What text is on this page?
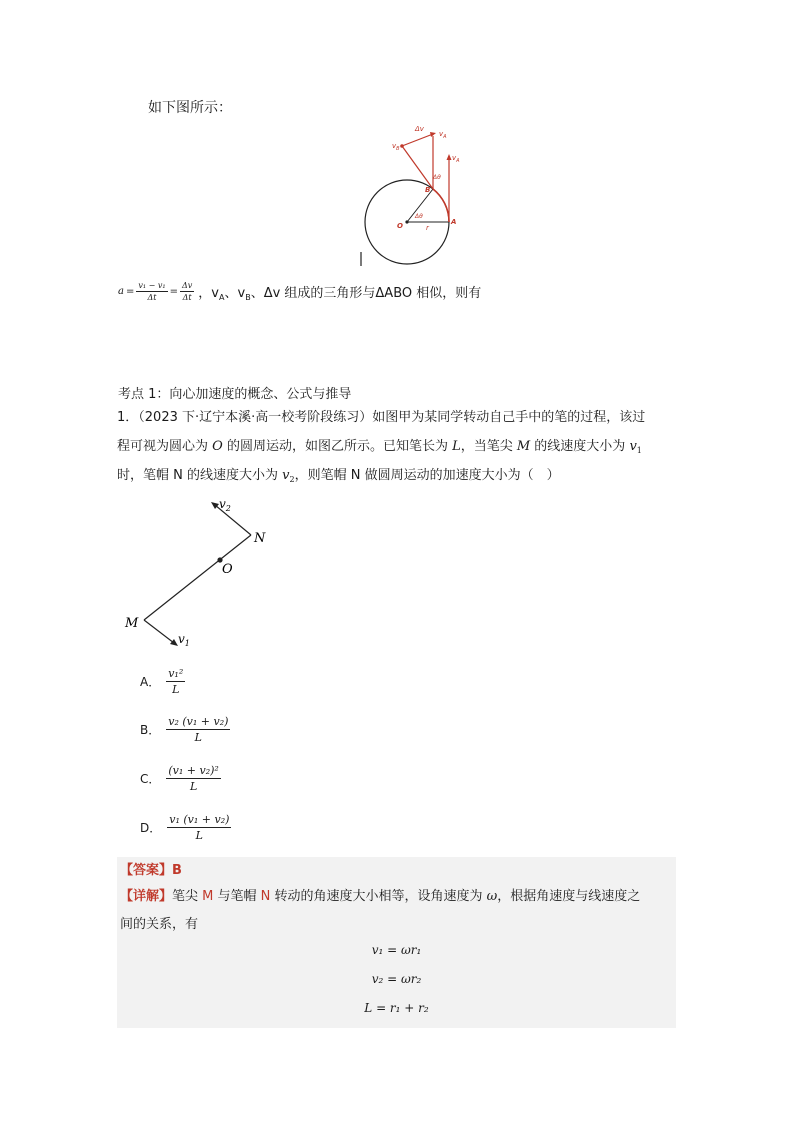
如下图所示：
Δv
$v_A$
$v_B$
$v_A$
Δθ
B
O	A
Δθ
r
$a = \frac{\text{v₁ − v₁}}{\Delta t} = \frac{\Delta v}{\Delta t}$ ，$v_A$、$v_B$、Δv 组成的三角形与ΔABO 相似，则有
考点 1：向心加速度的概念、公式与推导
1．（2023 下·辽宁本溪·高一校考阶段练习）如图甲为某同学转动自己手中的笔的过程，该过
程可视为圆心为 O 的圆周运动，如图乙所示。已知笔长为 L，当笔尖 M 的线速度大小为 $v_1$
时，笔帽 N 的线速度大小为 $v_2$，则笔帽 N 做圆周运动的加速度大小为（　）
$v_2$
N
O
M
$v_1$
A． $\frac{\text{v₁²}}{L}$
B． $\frac{\text{v₂ (v₁ + v₂)}}{L}$
C． $\frac{\text{(v₁ + v₂)²}}{L}$
D． $\frac{\text{v₁ (v₁ + v₂)}}{L}$
【答案】B
【详解】笔尖 M 与笔帽 N 转动的角速度大小相等，设角速度为 ω，根据角速度与线速度之
间的关系，有
v₁ = ωr₁
v₂ = ωr₂
L = r₁ + r₂
